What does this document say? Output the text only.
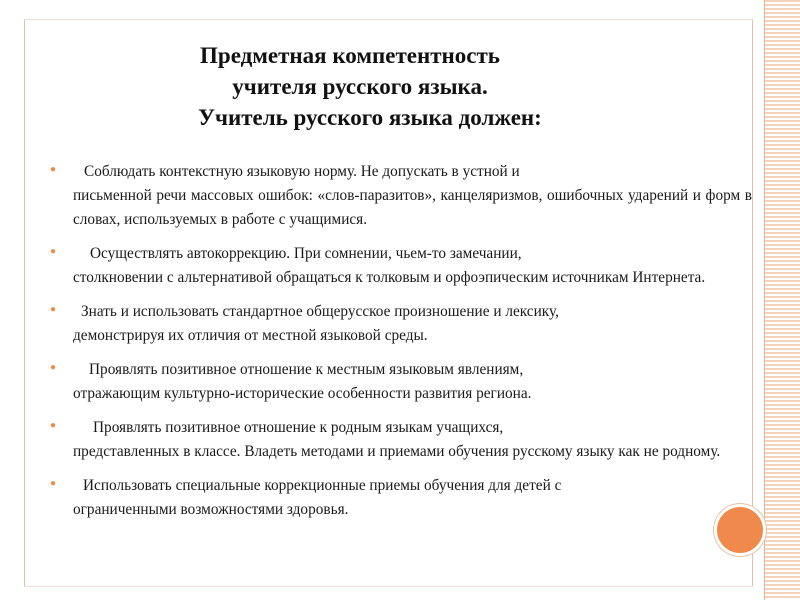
Предметная компетентность
учителя русского языка.
Учитель русского языка должен:
●	Соблюдать контекстную языковую норму. Не допускать в устной и
письменной речи массовых ошибок: «слов-паразитов», канцеляризмов, ошибочных ударений и форм в словах, используемых в работе с учащимися.
●	Осуществлять автокоррекцию. При сомнении, чьем-то замечании,
столкновении с альтернативой обращаться к толковым и орфоэпическим источникам Интернета.
●	Знать и использовать стандартное общерусское произношение и лексику,
демонстрируя их отличия от местной языковой среды.
●	Проявлять позитивное отношение к местным языковым явлениям,
отражающим культурно-исторические особенности развития региона.
●	Проявлять позитивное отношение к родным языкам учащихся,
представленных в классе. Владеть методами и приемами обучения русскому языку как не родному.
●	Использовать специальные коррекционные приемы обучения для детей с
ограниченными возможностями здоровья.
